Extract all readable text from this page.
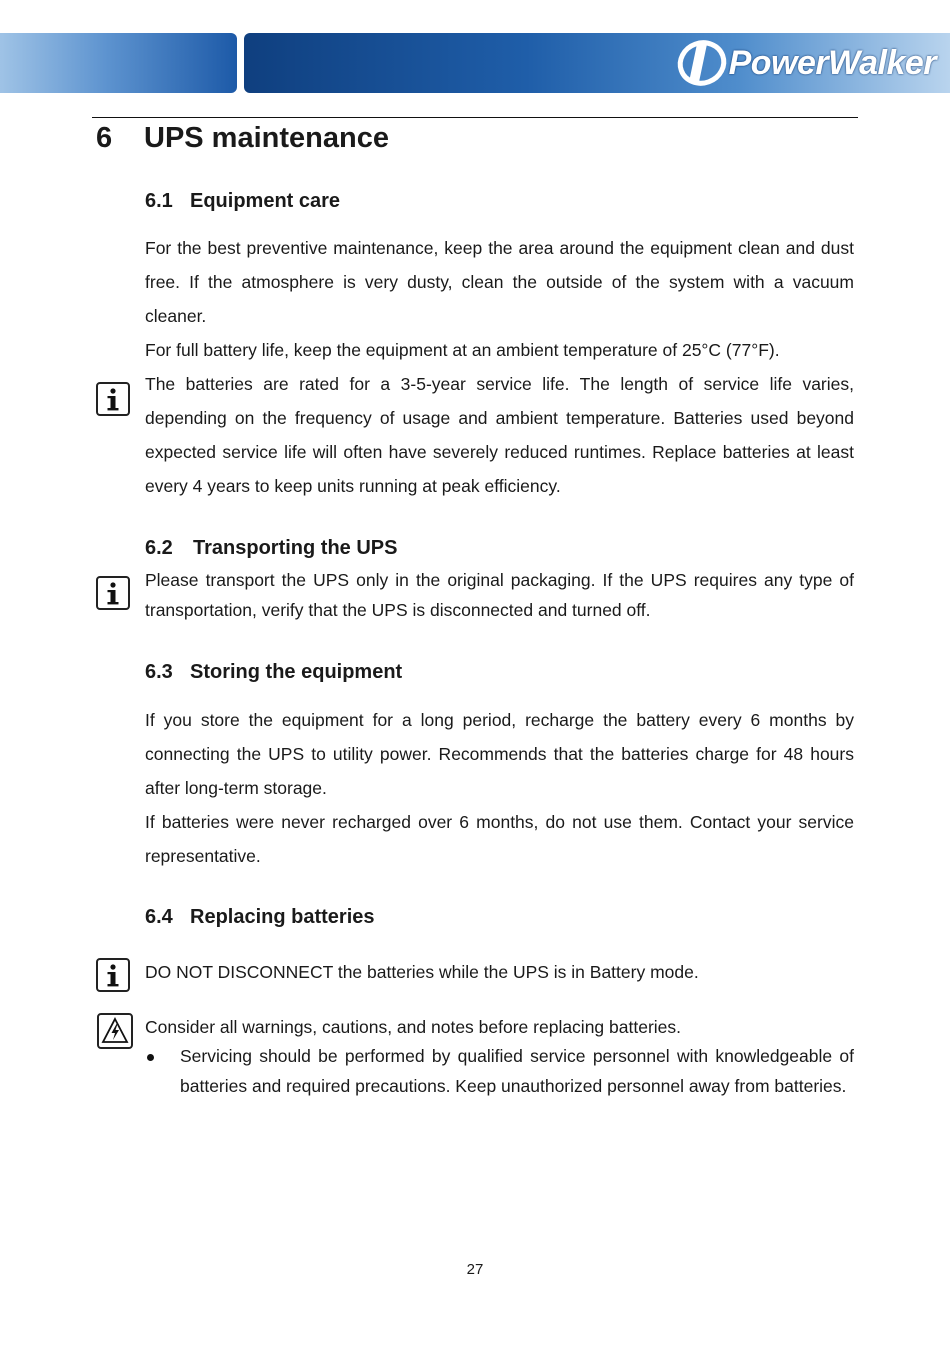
PowerWalker
6 UPS maintenance
6.1 Equipment care

For the best preventive maintenance, keep the area around the equipment clean and dust free. If the atmosphere is very dusty, clean the outside of the system with a vacuum cleaner.

For full battery life, keep the equipment at an ambient temperature of 25°C (77°F).

The batteries are rated for a 3-5-year service life. The length of service life varies, depending on the frequency of usage and ambient temperature. Batteries used beyond expected service life will often have severely reduced runtimes. Replace batteries at least every 4 years to keep units running at peak efficiency.

6.2 Transporting the UPS

Please transport the UPS only in the original packaging. If the UPS requires any type of transportation, verify that the UPS is disconnected and turned off.

6.3 Storing the equipment

If you store the equipment for a long period, recharge the battery every 6 months by connecting the UPS to utility power. Recommends that the batteries charge for 48 hours after long-term storage.

If batteries were never recharged over 6 months, do not use them. Contact your service representative.

6.4 Replacing batteries

DO NOT DISCONNECT the batteries while the UPS is in Battery mode.

Consider all warnings, cautions, and notes before replacing batteries.

Servicing should be performed by qualified service personnel with knowledgeable of batteries and required precautions. Keep unauthorized personnel away from batteries.
27
